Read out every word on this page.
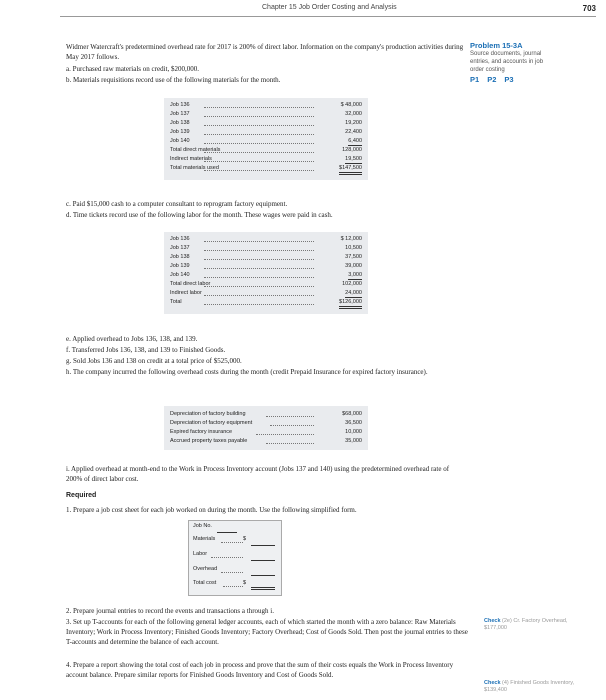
Chapter 15 Job Order Costing and Analysis	703
Widmer Watercraft's predetermined overhead rate for 2017 is 200% of direct labor. Information on the company's production activities during May 2017 follows.
a. Purchased raw materials on credit, $200,000.
b. Materials requisitions record use of the following materials for the month.
Problem 15-3A
Source documents, journal
entries, and accounts in job
order costing
P1 P2 P3
Job 136	$ 48,000
Job 137	32,000
Job 138	19,200
Job 139	22,400
Job 140	6,400
Total direct materials	128,000
Indirect materials	19,500
Total materials used	$147,500
c. Paid $15,000 cash to a computer consultant to reprogram factory equipment.
d. Time tickets record use of the following labor for the month. These wages were paid in cash.
Job 136	$ 12,000
Job 137	10,500
Job 138	37,500
Job 139	39,000
Job 140	3,000
Total direct labor	102,000
Indirect labor	24,000
Total	$126,000
e. Applied overhead to Jobs 136, 138, and 139.
f. Transferred Jobs 136, 138, and 139 to Finished Goods.
g. Sold Jobs 136 and 138 on credit at a total price of $525,000.
h. The company incurred the following overhead costs during the month (credit Prepaid Insurance for expired factory insurance).
Depreciation of factory building	$68,000
Depreciation of factory equipment	36,500
Expired factory insurance	10,000
Accrued property taxes payable	35,000
i. Applied overhead at month-end to the Work in Process Inventory account (Jobs 137 and 140) using the predetermined overhead rate of 200% of direct labor cost.
Required
1. Prepare a job cost sheet for each job worked on during the month. Use the following simplified form.
Job No.
Materials	$
Labor
Overhead
Total cost	$
2. Prepare journal entries to record the events and transactions a through i.
3. Set up T-accounts for each of the following general ledger accounts, each of which started the month with a zero balance: Raw Materials Inventory; Work in Process Inventory; Finished Goods Inventory; Factory Overhead; Cost of Goods Sold. Then post the journal entries to these T-accounts and determine the balance of each account.
4. Prepare a report showing the total cost of each job in process and prove that the sum of their costs equals the Work in Process Inventory account balance. Prepare similar reports for Finished Goods Inventory and Cost of Goods Sold.
Check (2e) Cr. Factory Overhead, $177,000
Check (4) Finished Goods Inventory, $139,400
